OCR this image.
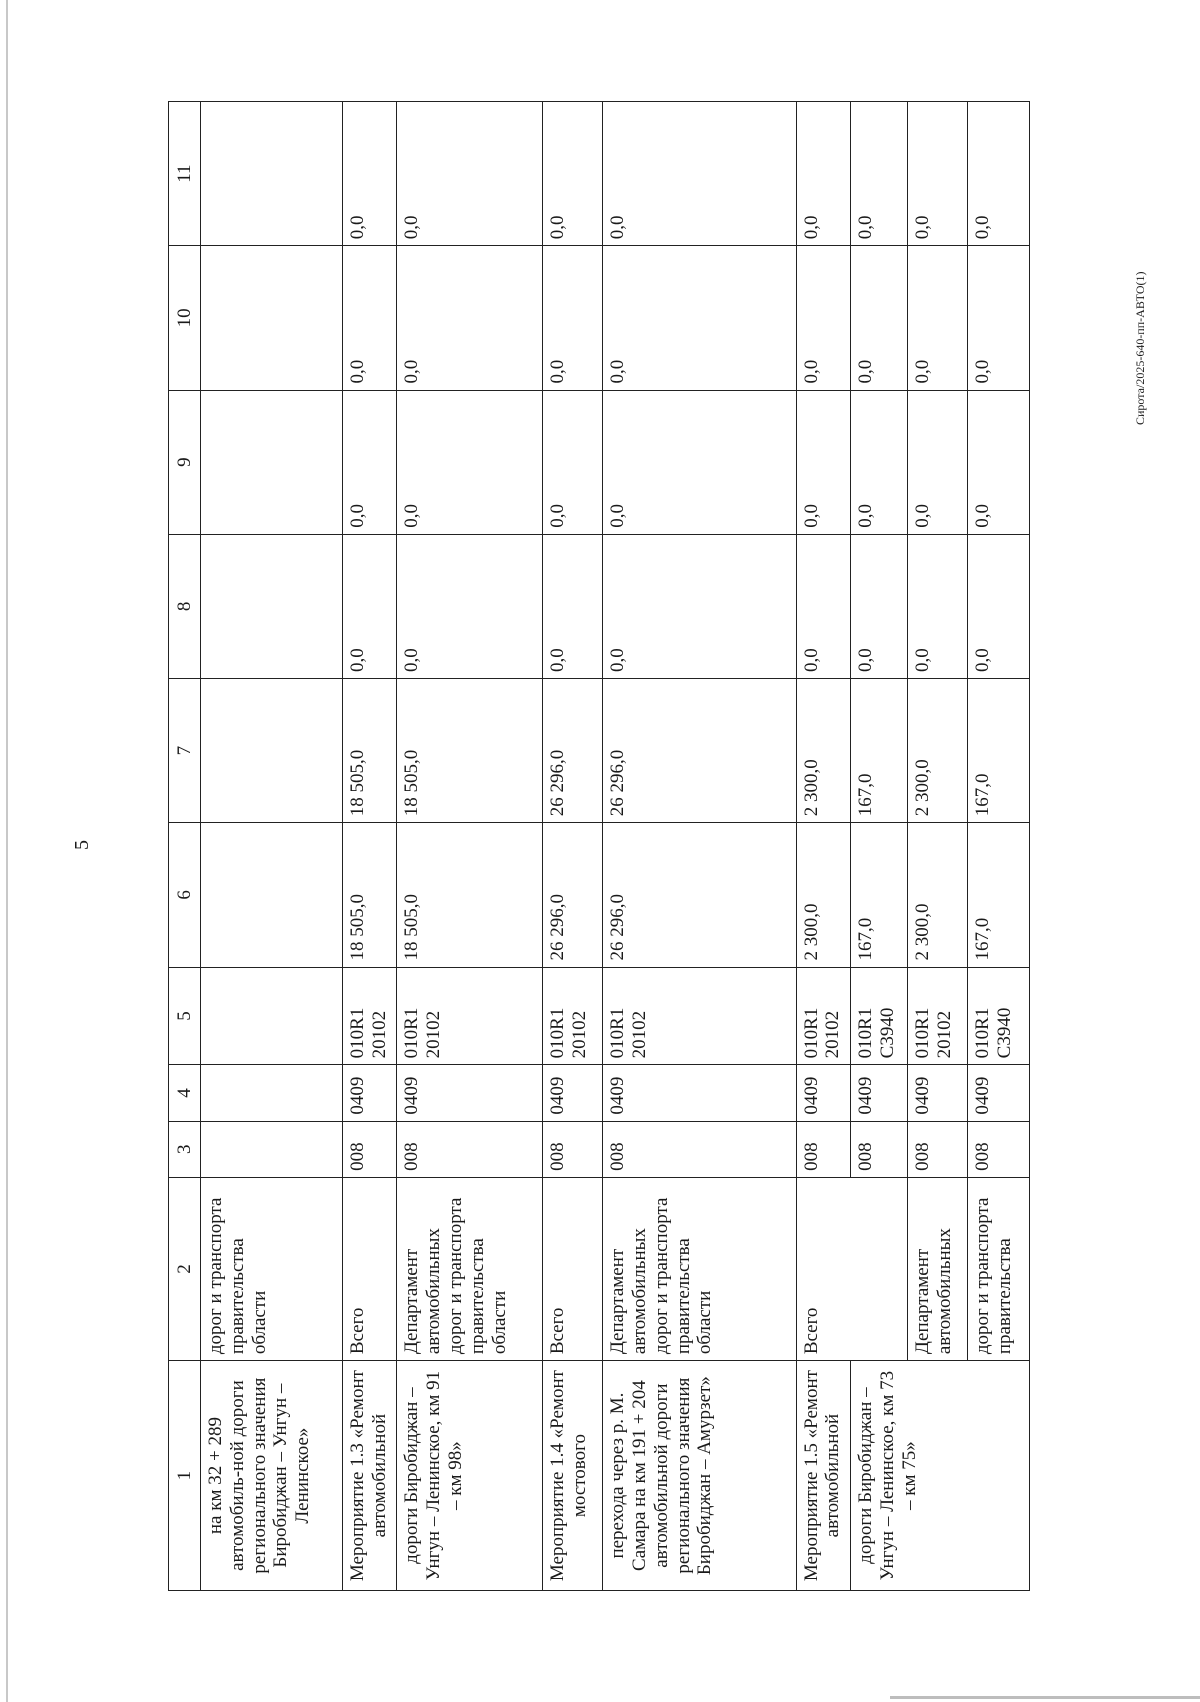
5
Сирота/2025-640-пп-АВТО(1)
1	2	3	4	5	6	7	8	9	10	11
на км 32 + 289 автомобиль-ной дороги регионального значения Биробиджан – Унгун – Ленинское»	дорог и транспорта правительства области									
Мероприятие 1.3 «Ремонт автомобильной	Всего	008	0409	010R1 20102	18 505,0	18 505,0	0,0	0,0	0,0	0,0
дороги Биробиджан – Унгун – Ленинское, км 91 – км 98»	Департамент автомобильных дорог и транспорта правительства области	008	0409	010R1 20102	18 505,0	18 505,0	0,0	0,0	0,0	0,0
Мероприятие 1.4 «Ремонт мостового	Всего	008	0409	010R1 20102	26 296,0	26 296,0	0,0	0,0	0,0	0,0
перехода через р. М. Самара на км 191 + 204 автомобильной дороги регионального значения Биробиджан – Амурзет»	Департамент автомобильных дорог и транспорта правительства области	008	0409	010R1 20102	26 296,0	26 296,0	0,0	0,0	0,0	0,0
Мероприятие 1.5 «Ремонт автомобильной	Всего	008	0409	010R1 20102	2 300,0	2 300,0	0,0	0,0	0,0	0,0
дороги Биробиджан – Унгун – Ленинское, км 73 – км 75»		008	0409	010R1 С3940	167,0	167,0	0,0	0,0	0,0	0,0
	Департамент автомобильных	008	0409	010R1 20102	2 300,0	2 300,0	0,0	0,0	0,0	0,0
	дорог и транспорта правительства	008	0409	010R1 С3940	167,0	167,0	0,0	0,0	0,0	0,0
